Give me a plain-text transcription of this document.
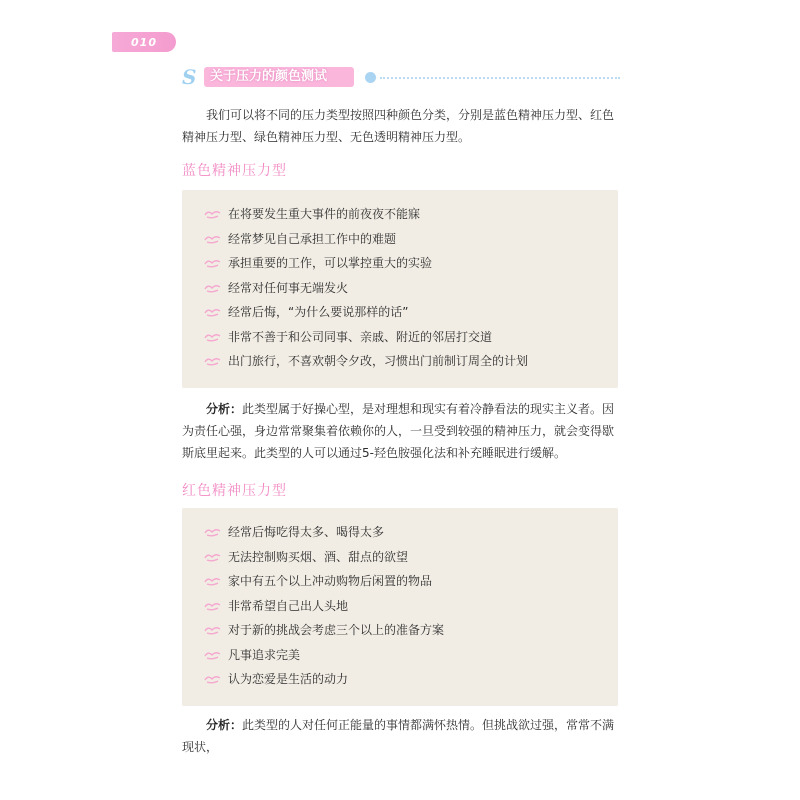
010
S 关于压力的颜色测试

我们可以将不同的压力类型按照四种颜色分类，分别是蓝色精神压力型、红色精神压力型、绿色精神压力型、无色透明精神压力型。

蓝色精神压力型
在将要发生重大事件的前夜夜不能寐
经常梦见自己承担工作中的难题
承担重要的工作，可以掌控重大的实验
经常对任何事无端发火
经常后悔，“为什么要说那样的话”
非常不善于和公司同事、亲戚、附近的邻居打交道
出门旅行，不喜欢朝令夕改，习惯出门前制订周全的计划

分析：此类型属于好操心型，是对理想和现实有着冷静看法的现实主义者。因为责任心强，身边常常聚集着依赖你的人，一旦受到较强的精神压力，就会变得歇斯底里起来。此类型的人可以通过5-羟色胺强化法和补充睡眠进行缓解。

红色精神压力型
经常后悔吃得太多、喝得太多
无法控制购买烟、酒、甜点的欲望
家中有五个以上冲动购物后闲置的物品
非常希望自己出人头地
对于新的挑战会考虑三个以上的准备方案
凡事追求完美
认为恋爱是生活的动力

分析：此类型的人对任何正能量的事情都满怀热情。但挑战欲过强，常常不满现状，
